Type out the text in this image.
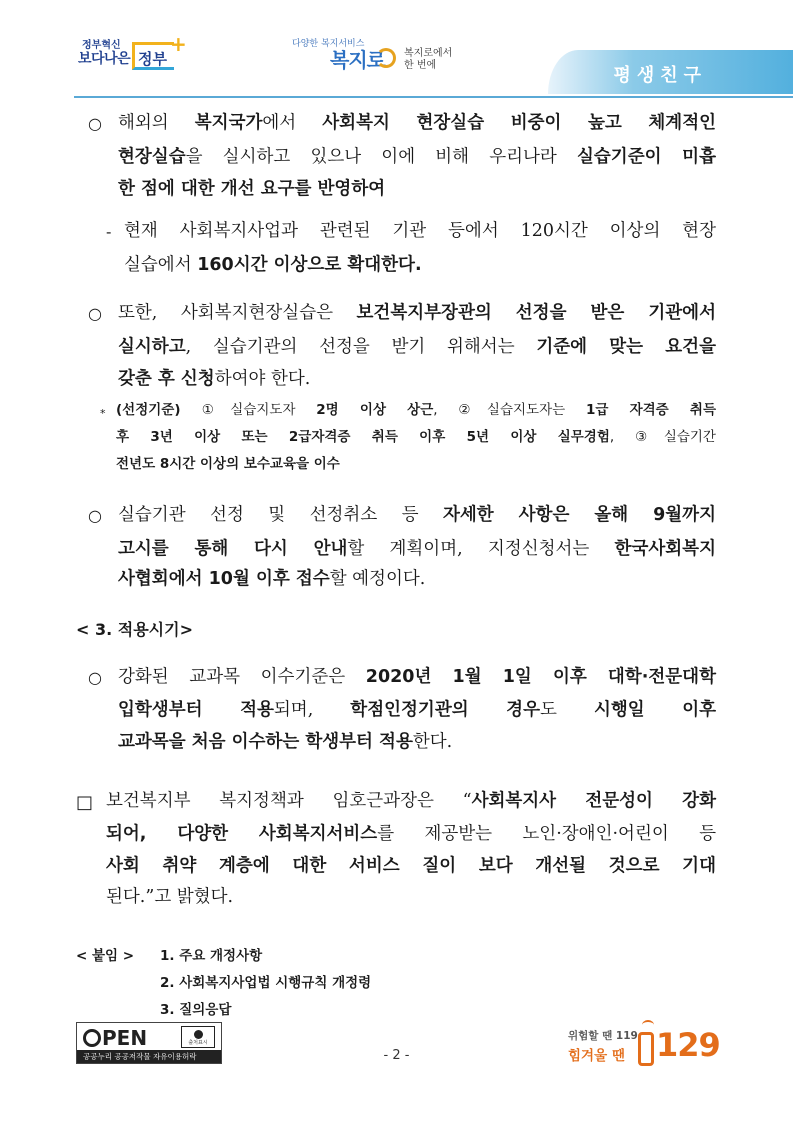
정부혁신
보다나은 정부
+	다양한 복지서비스
복지로 복지로에서
한 번에	평생친구
○ 해외의 복지국가에서 사회복지 현장실습 비중이 높고 체계적인
현장실습을 실시하고 있으나 이에 비해 우리나라 실습기준이 미흡
한 점에 대한 개선 요구를 반영하여
- 현재 사회복지사업과 관련된 기관 등에서 120시간 이상의 현장
실습에서 160시간 이상으로 확대한다.
○ 또한, 사회복지현장실습은 보건복지부장관의 선정을 받은 기관에서
실시하고, 실습기관의 선정을 받기 위해서는 기준에 맞는 요건을
갖춘 후 신청하여야 한다.
* (선정기준) ①실습지도자 2명 이상 상근, ②실습지도자는 1급 자격증 취득
후 3년 이상 또는 2급자격증 취득 이후 5년 이상 실무경험, ③실습기간
전년도 8시간 이상의 보수교육을 이수
○ 실습기관 선정 및 선정취소 등 자세한 사항은 올해 9월까지
고시를 통해 다시 안내할 계획이며, 지정신청서는 한국사회복지
사협회에서 10월 이후 접수할 예정이다.
< 3. 적용시기>
○ 강화된 교과목 이수기준은 2020년 1월 1일 이후 대학·전문대학
입학생부터 적용되며, 학점인정기관의 경우도 시행일 이후
교과목을 처음 이수하는 학생부터 적용한다.
□ 보건복지부 복지정책과 임호근과장은 “사회복지사 전문성이 강화
되어, 다양한 사회복지서비스를 제공받는 노인·장애인·어린이 등
사회 취약 계층에 대한 서비스 질이 보다 개선될 것으로 기대
된다.”고 밝혔다.
< 붙임 > 1. 주요 개정사항
2. 사회복지사업법 시행규칙 개정령
3. 질의응답
PEN	출처표시
공공누리 공공저작물 자유이용허락	- 2 -
위험할 땐 119
힘겨울 땐 129
